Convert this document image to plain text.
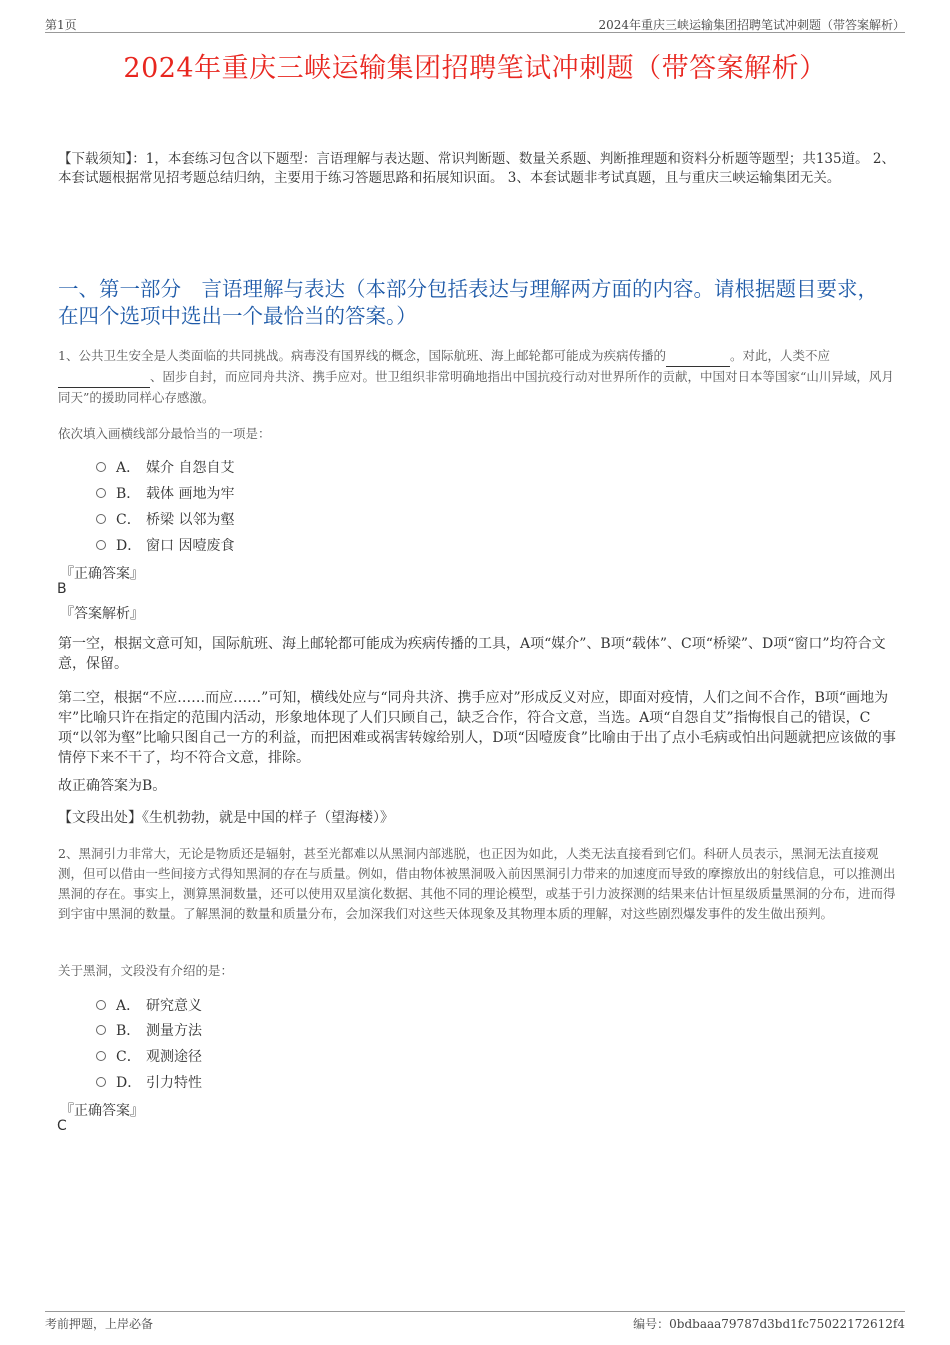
第1页	2024年重庆三峡运输集团招聘笔试冲刺题（带答案解析）
2024年重庆三峡运输集团招聘笔试冲刺题（带答案解析）
【下载须知】：1，本套练习包含以下题型：言语理解与表达题、常识判断题、数量关系题、判断推理题和资料分析题等题型；共135道。 2、本套试题根据常见招考题总结归纳，主要用于练习答题思路和拓展知识面。 3、本套试题非考试真题，且与重庆三峡运输集团无关。
一、第一部分　言语理解与表达（本部分包括表达与理解两方面的内容。请根据题目要求，在四个选项中选出一个最恰当的答案。）
1、公共卫生安全是人类面临的共同挑战。病毒没有国界线的概念，国际航班、海上邮轮都可能成为疾病传播的	。对此，人类不应
、固步自封，而应同舟共济、携手应对。世卫组织非常明确地指出中国抗疫行动对世界所作的贡献，中国对日本等国家“山川异域，风月同天”的援助同样心存感激。
依次填入画横线部分最恰当的一项是：
A． 媒介 自怨自艾
B． 载体 画地为牢
C． 桥梁 以邻为壑
D． 窗口 因噎废食
『正确答案』
B
『答案解析』
第一空，根据文意可知，国际航班、海上邮轮都可能成为疾病传播的工具，A项“媒介”、B项“载体”、C项“桥梁”、D项“窗口”均符合文意，保留。
第二空，根据“不应……而应……”可知，横线处应与“同舟共济、携手应对”形成反义对应，即面对疫情，人们之间不合作，B项“画地为牢”比喻只许在指定的范围内活动，形象地体现了人们只顾自己，缺乏合作，符合文意，当选。A项“自怨自艾”指悔恨自己的错误，C项“以邻为壑”比喻只图自己一方的利益，而把困难或祸害转嫁给别人，D项“因噎废食”比喻由于出了点小毛病或怕出问题就把应该做的事情停下来不干了，均不符合文意，排除。
故正确答案为B。
【文段出处】《生机勃勃，就是中国的样子（望海楼）》
2、黑洞引力非常大，无论是物质还是辐射，甚至光都难以从黑洞内部逃脱，也正因为如此，人类无法直接看到它们。科研人员表示，黑洞无法直接观测，但可以借由一些间接方式得知黑洞的存在与质量。例如，借由物体被黑洞吸入前因黑洞引力带来的加速度而导致的摩擦放出的射线信息，可以推测出黑洞的存在。事实上，测算黑洞数量，还可以使用双星演化数据、其他不同的理论模型，或基于引力波探测的结果来估计恒星级质量黑洞的分布，进而得到宇宙中黑洞的数量。了解黑洞的数量和质量分布，会加深我们对这些天体现象及其物理本质的理解，对这些剧烈爆发事件的发生做出预判。
关于黑洞，文段没有介绍的是：
A． 研究意义
B． 测量方法
C． 观测途径
D． 引力特性
『正确答案』
C
考前押题，上岸必备	编号：0bdbaaa79787d3bd1fc75022172612f4
